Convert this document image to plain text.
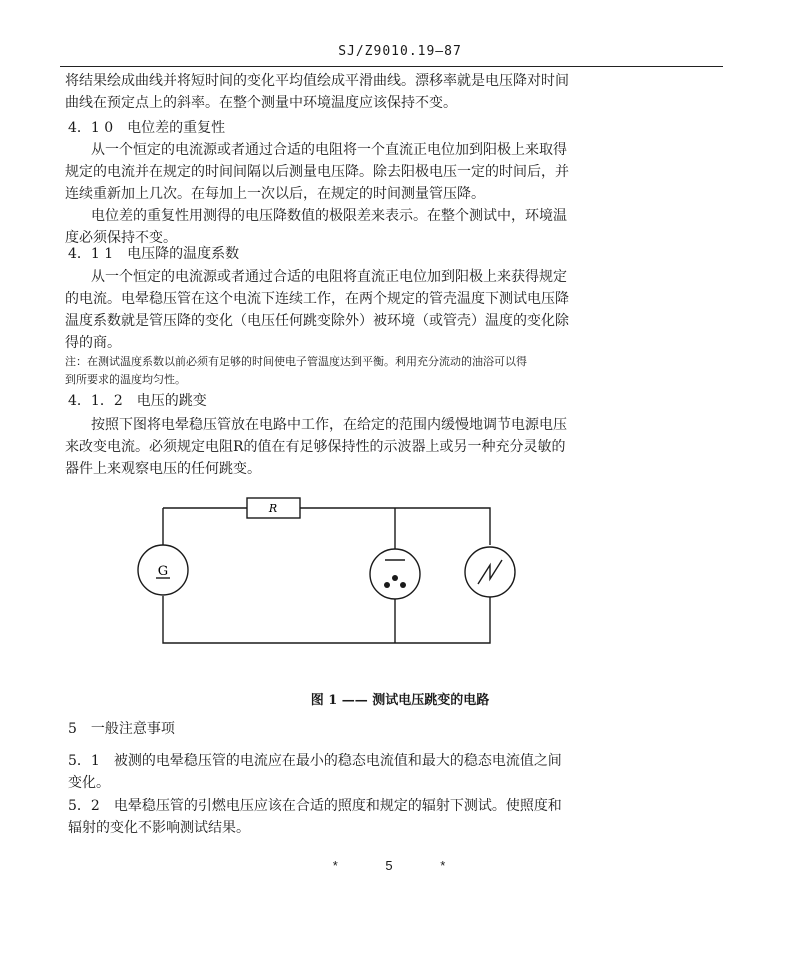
SJ/Z9010.19—87
将结果绘成曲线并将短时间的变化平均值绘成平滑曲线。漂移率就是电压降对时间
曲线在预定点上的斜率。在整个测量中环境温度应该保持不变。
4．1 0　电位差的重复性
从一个恒定的电流源或者通过合适的电阻将一个直流正电位加到阳极上来取得
规定的电流并在规定的时间间隔以后测量电压降。除去阳极电压一定的时间后，并
连续重新加上几次。在每加上一次以后，在规定的时间测量管压降。
电位差的重复性用测得的电压降数值的极限差来表示。在整个测试中，环境温
度必须保持不变。
4．1 1　电压降的温度系数
从一个恒定的电流源或者通过合适的电阻将直流正电位加到阳极上来获得规定
的电流。电晕稳压管在这个电流下连续工作，在两个规定的管壳温度下测试电压降
温度系数就是管压降的变化（电压任何跳变除外）被环境（或管壳）温度的变化除
得的商。
注：在测试温度系数以前必须有足够的时间使电子管温度达到平衡。利用充分流动的油浴可以得
到所要求的温度均匀性。
4．1．2　电压的跳变
按照下图将电晕稳压管放在电路中工作，在给定的范围内缓慢地调节电源电压
来改变电流。必须规定电阻R的值在有足够保持性的示波器上或另一种充分灵敏的
器件上来观察电压的任何跳变。
5　一般注意事项
5．1　被测的电晕稳压管的电流应在最小的稳态电流值和最大的稳态电流值之间
变化。
5．2　电晕稳压管的引燃电压应该在合适的照度和规定的辐射下测试。使照度和
辐射的变化不影响测试结果。
R
G
图 1 —— 测试电压跳变的电路
* 5 *
